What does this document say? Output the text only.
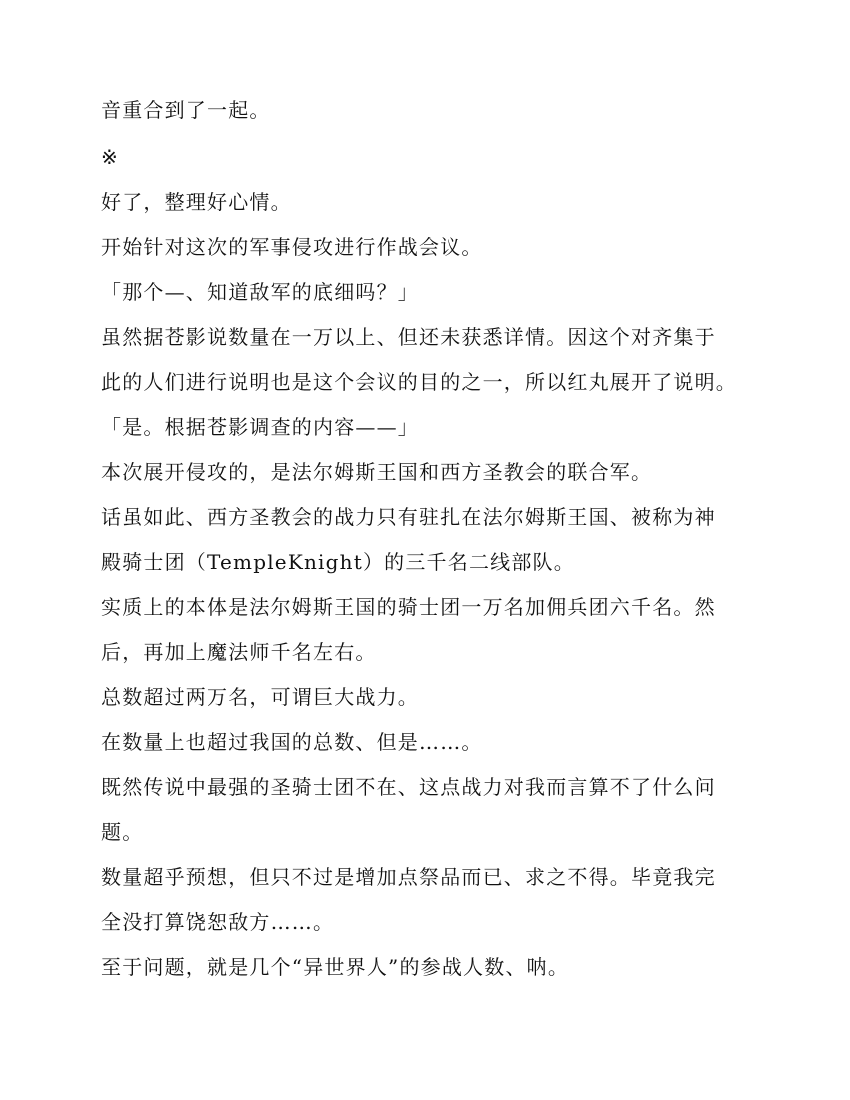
音重合到了一起。

※

好了，整理好心情。

开始针对这次的军事侵攻进行作战会议。

「那个—、知道敌军的底细吗？」

虽然据苍影说数量在一万以上、但还未获悉详情。因这个对齐集于

此的人们进行说明也是这个会议的目的之一，所以红丸展开了说明。

「是。根据苍影调查的内容——」

本次展开侵攻的，是法尔姆斯王国和西方圣教会的联合军。

话虽如此、西方圣教会的战力只有驻扎在法尔姆斯王国、被称为神

殿骑士团（TempleKnight）的三千名二线部队。

实质上的本体是法尔姆斯王国的骑士团一万名加佣兵团六千名。然

后，再加上魔法师千名左右。

总数超过两万名，可谓巨大战力。

在数量上也超过我国的总数、但是……。

既然传说中最强的圣骑士团不在、这点战力对我而言算不了什么问

题。

数量超乎预想，但只不过是增加点祭品而已、求之不得。毕竟我完

全没打算饶恕敌方……。

至于问题，就是几个“异世界人”的参战人数、呐。
